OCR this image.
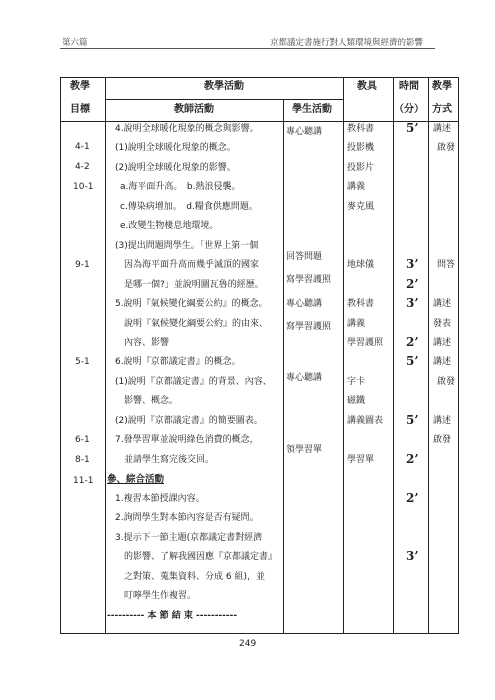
第六篇	京都議定書施行對人類環境與經濟的影響
教學
目標
教學活動
教師活動	學生活動
教具 時間
（分）
教學
方式
4-1
4-2
10-1
9-1
5-1
6-1
8-1
11-1
4.說明全球暖化現象的概念與影響。
(1)說明全球暖化現象的概念。
(2)說明全球暖化現象的影響。
a.海平面升高。　b.熱浪侵襲。
c.傳染病增加。　d.糧食供應問題。
e.改變生物棲息地環境。
(3)提出問題問學生。「世界上第一個
因為海平面升高而幾乎滅頂的國家
是哪一個?」並說明圖瓦魯的經歷。
5.說明『氣候變化綱要公約』的概念。
說明『氣候變化綱要公約』的由來、
內容、影響
6.說明『京都議定書』的概念。
(1)說明『京都議定書』的背景、內容、
影響、概念。
(2)說明『京都議定書』的簡要圖表。
7.發學習單並說明綠色消費的概念，
並請學生寫完後交回。
參、綜合活動
1.複習本節授課內容。
2.詢問學生對本節內容是否有疑問。
3.提示下一節主題(京都議定書對經濟
的影響、了解我國因應『京都議定書』
之對策、蒐集資料、分成 6 組)，並
叮嚀學生作複習。
---------- 本 節 結 束 -----------
專心聽講
回答問題
寫學習護照
專心聽講
寫學習護照
專心聽講
領學習單
教科書
投影機
投影片
講義
麥克風
地球儀
教科書
講義
學習護照
字卡
磁鐵
講義圖表
學習單
5’
3’
2’
3’
2’
5’
5’
2’
2’
3’
講述
啟發
問答
講述
發表
講述
講述
啟發
講述
啟發
249
